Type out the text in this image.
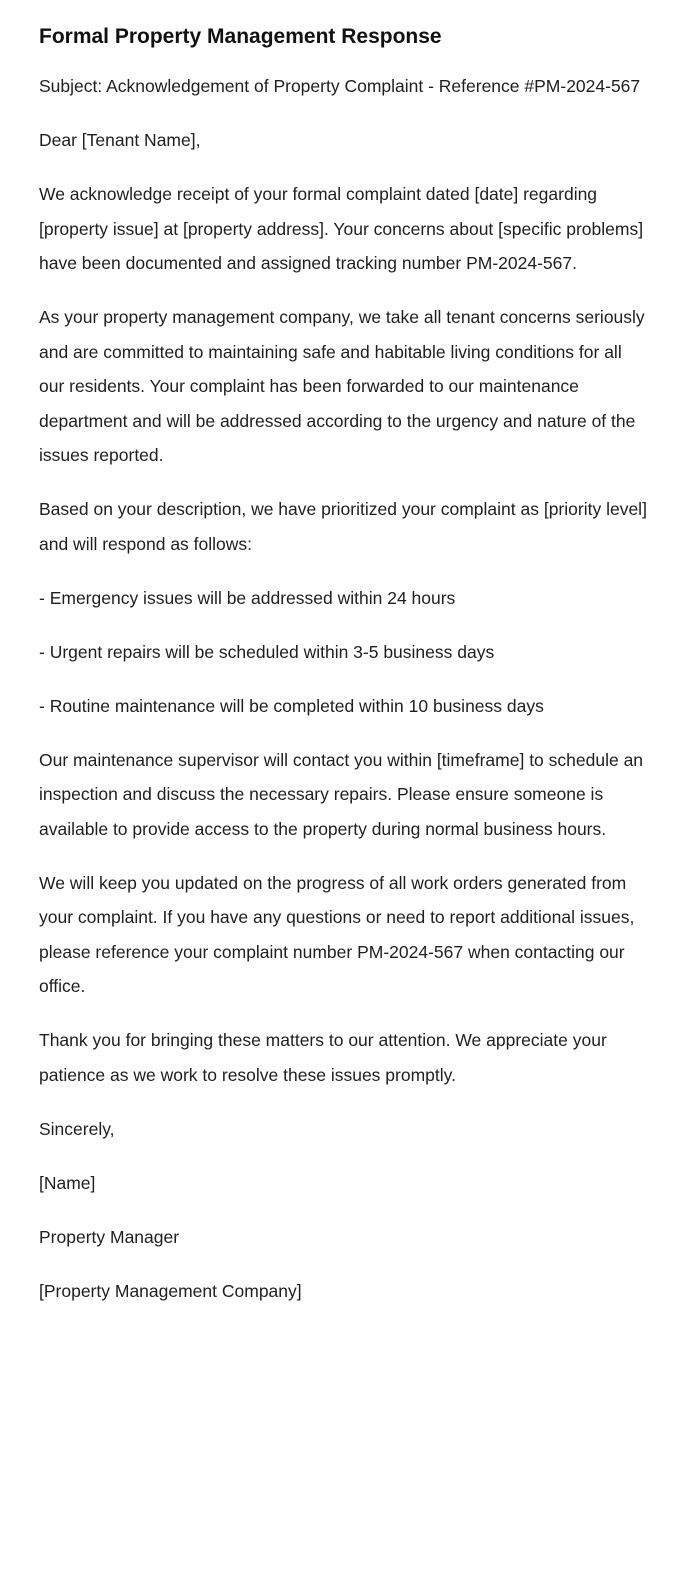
Formal Property Management Response

Subject: Acknowledgement of Property Complaint - Reference #PM-2024-567

Dear [Tenant Name],

We acknowledge receipt of your formal complaint dated [date] regarding [property issue] at [property address]. Your concerns about [specific problems] have been documented and assigned tracking number PM-2024-567.

As your property management company, we take all tenant concerns seriously and are committed to maintaining safe and habitable living conditions for all our residents. Your complaint has been forwarded to our maintenance department and will be addressed according to the urgency and nature of the issues reported.

Based on your description, we have prioritized your complaint as [priority level] and will respond as follows:

- Emergency issues will be addressed within 24 hours

- Urgent repairs will be scheduled within 3-5 business days

- Routine maintenance will be completed within 10 business days

Our maintenance supervisor will contact you within [timeframe] to schedule an inspection and discuss the necessary repairs. Please ensure someone is available to provide access to the property during normal business hours.

We will keep you updated on the progress of all work orders generated from your complaint. If you have any questions or need to report additional issues, please reference your complaint number PM-2024-567 when contacting our office.

Thank you for bringing these matters to our attention. We appreciate your patience as we work to resolve these issues promptly.

Sincerely,

[Name]

Property Manager

[Property Management Company]
